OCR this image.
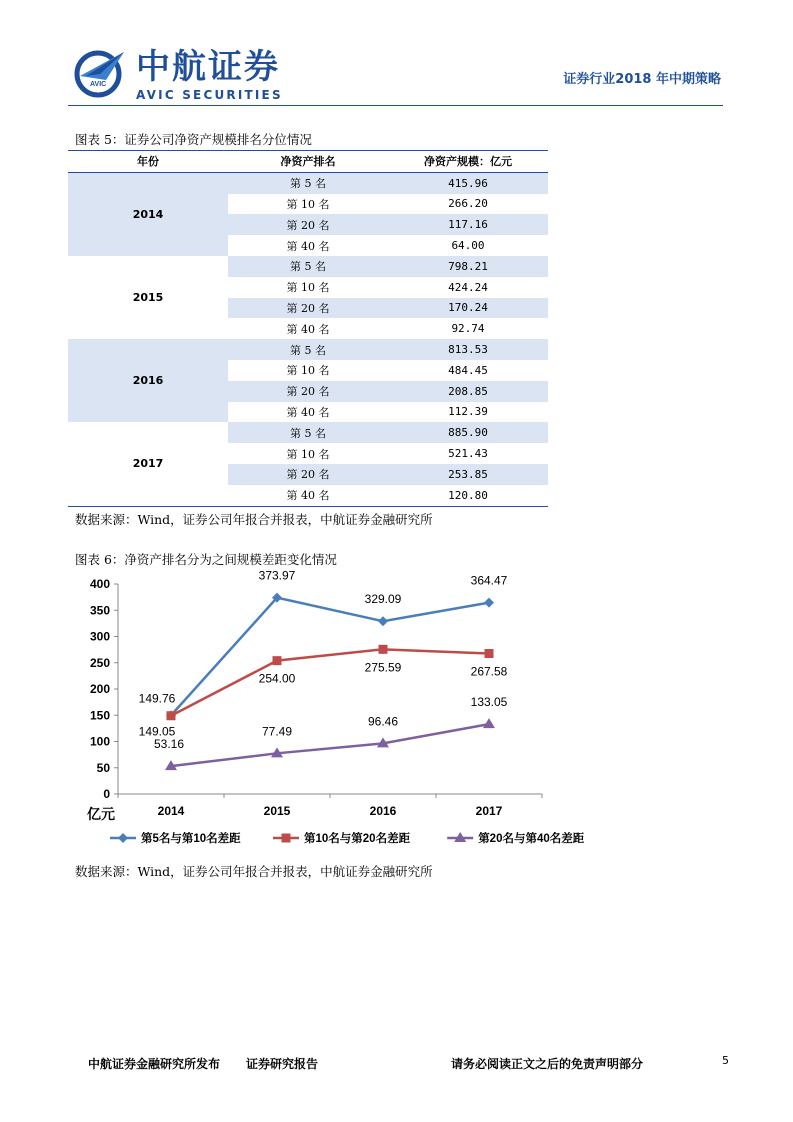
AVIC 中航证券
AVIC SECURITIES
证券行业2018 年中期策略
图表 5：证券公司净资产规模排名分位情况
年份	净资产排名	净资产规模：亿元
2014	第 5 名	415.96
	第 10 名	266.20
	第 20 名	117.16
	第 40 名	64.00
2015	第 5 名	798.21
	第 10 名	424.24
	第 20 名	170.24
	第 40 名	92.74
2016	第 5 名	813.53
	第 10 名	484.45
	第 20 名	208.85
	第 40 名	112.39
2017	第 5 名	885.90
	第 10 名	521.43
	第 20 名	253.85
	第 40 名	120.80
数据来源：Wind，证券公司年报合并报表，中航证券金融研究所
图表 6：净资产排名分为之间规模差距变化情况
0
50
100
150
200
250
300
350
400
2014	2015	2016	2017
亿元
149.76
373.97
329.09
364.47
149.05
254.00
275.59	267.58
53.16
77.49
96.46
133.05
第5名与第10名差距	第10名与第20名差距	第20名与第40名差距
数据来源：Wind，证券公司年报合并报表，中航证券金融研究所
中航证券金融研究所发布 证券研究报告	请务必阅读正文之后的免责声明部分	5
